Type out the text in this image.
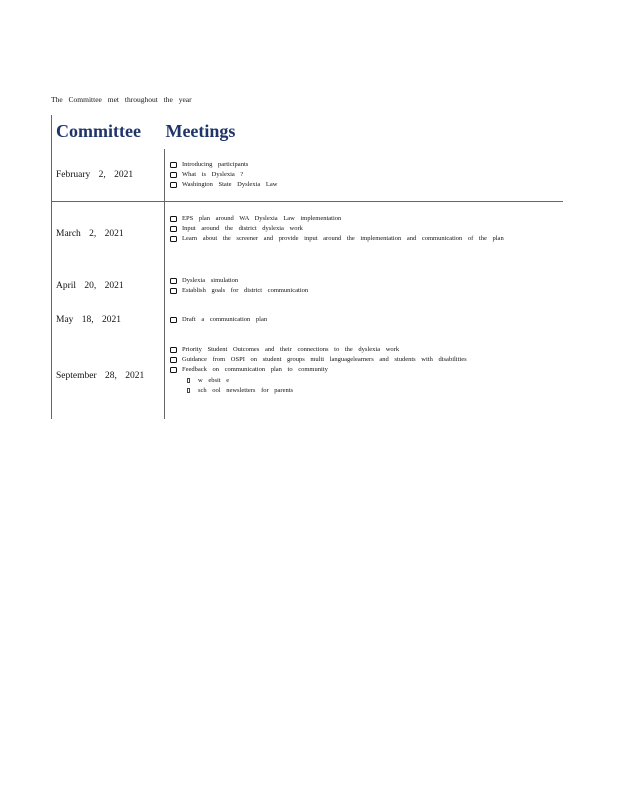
The Committee met throughout the year
Committee Meetings
February 2, 2021
Introducing participants
What is Dyslexia ?
Washington State Dyslexia Law
March 2, 2021
EPS plan around WA Dyslexia Law implementation
Input around the district dyslexia work
Learn about the screener and provide input around the implementation and communication of the plan
April 20, 2021
Dyslexia simulation
Establish goals for district communication
May 18, 2021	Draft a communication plan
September 28, 2021
Priority Student Outcomes and their connections to the dyslexia work
Guidance from OSPI on student groups multi languagelearners and students with disabilities
Feedback on communication plan to community
w ebsit e
sch ool newsletters for parents
